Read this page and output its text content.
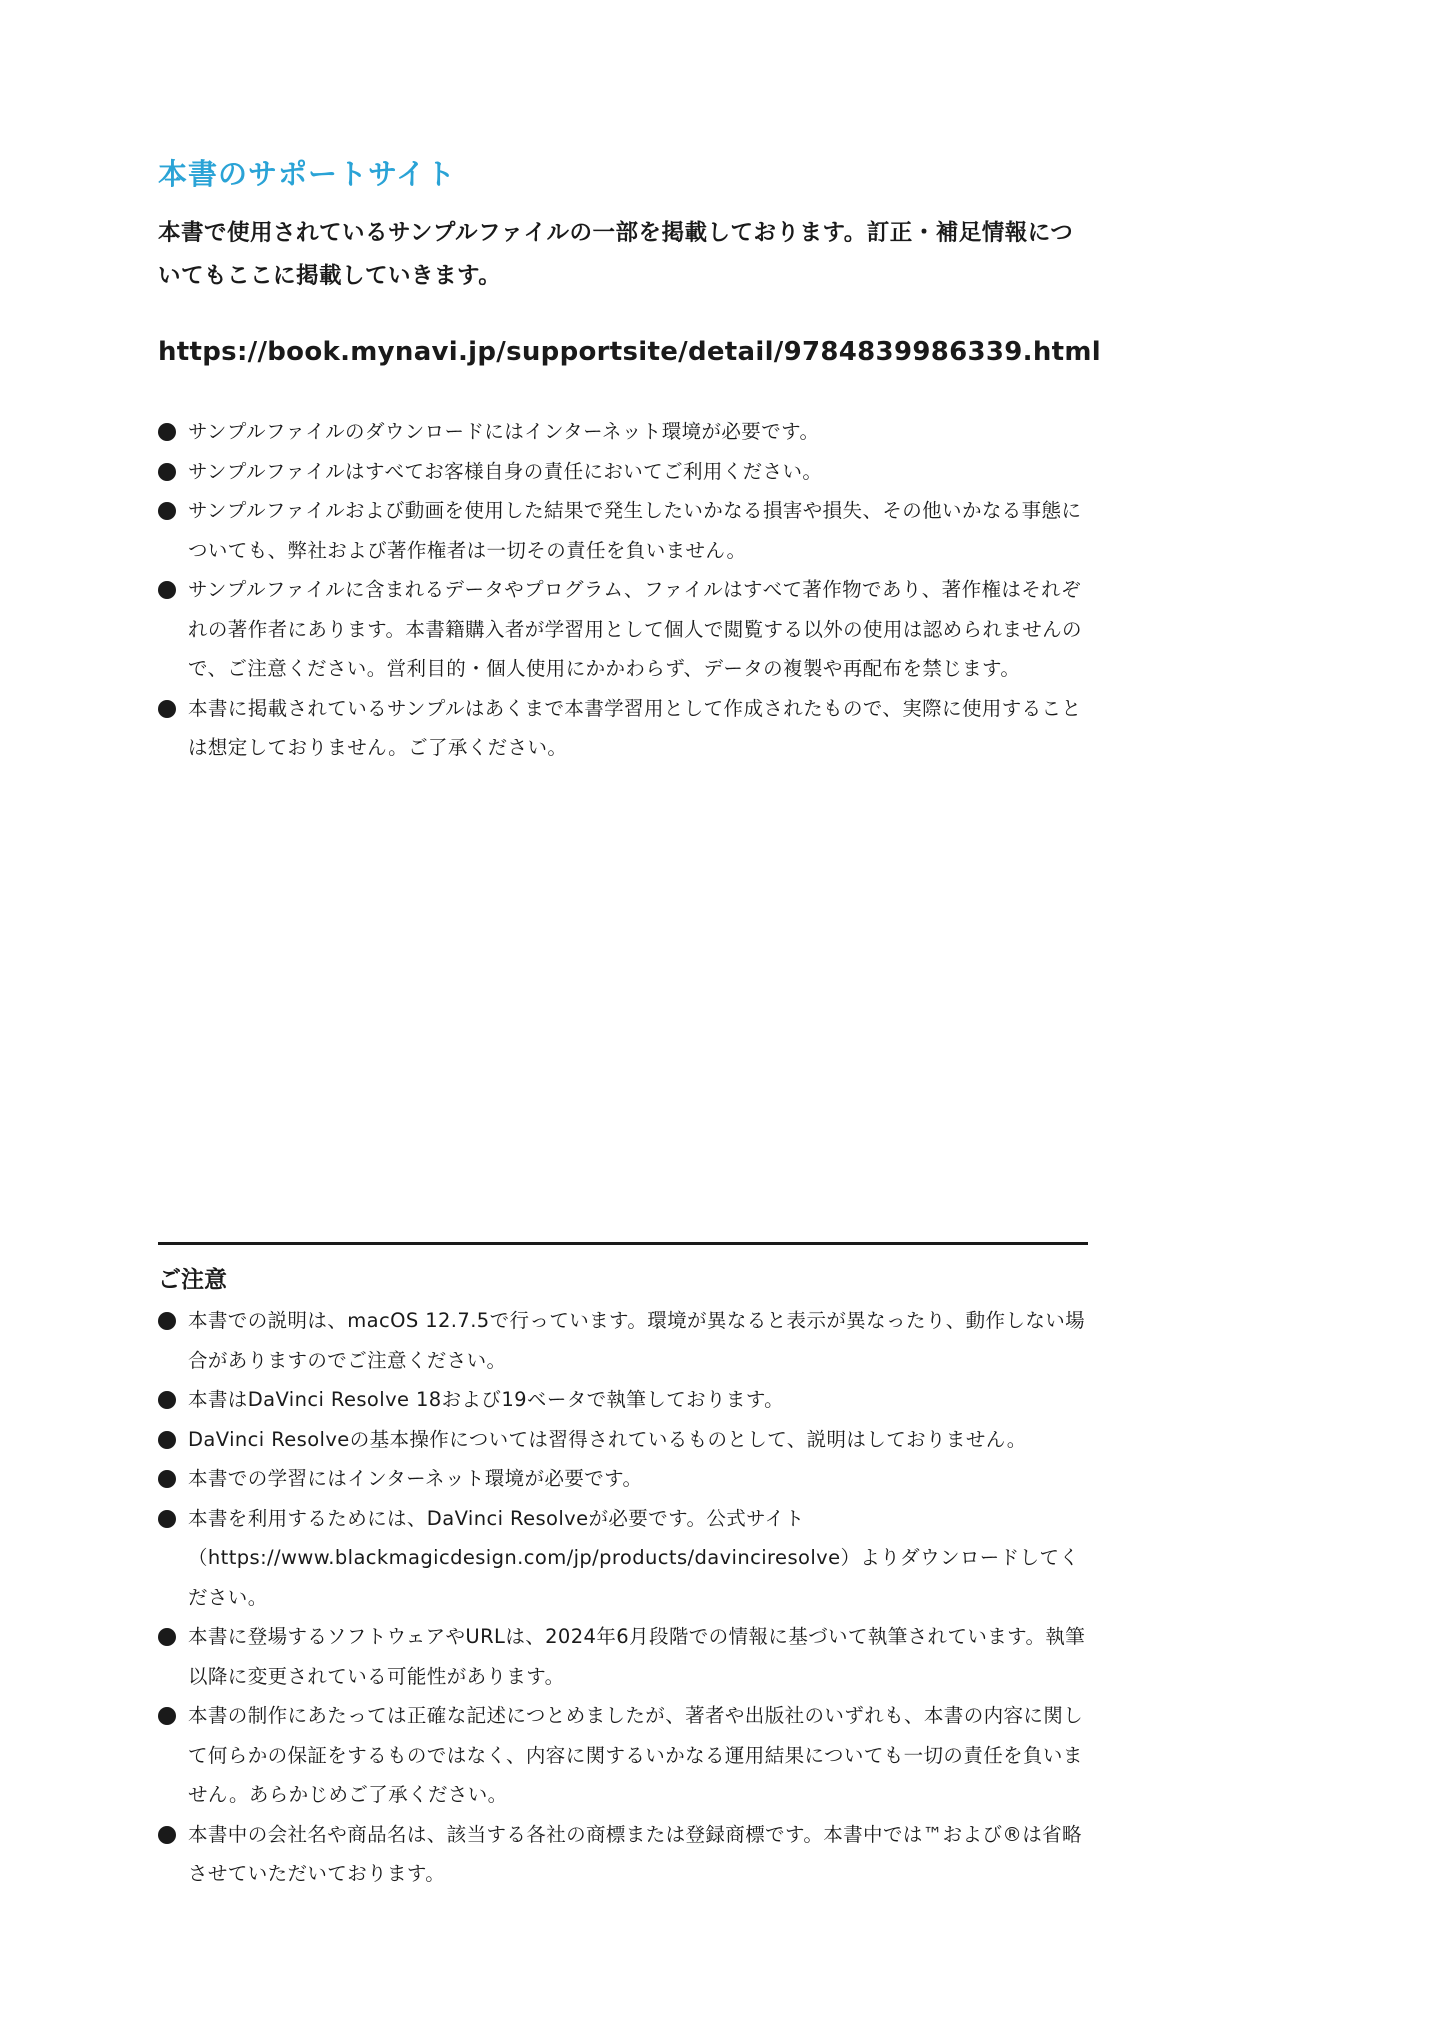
本書のサポートサイト

本書で使用されているサンプルファイルの一部を掲載しております。訂正・補足情報についてもここに掲載していきます。

https://book.mynavi.jp/supportsite/detail/9784839986339.html

サンプルファイルのダウンロードにはインターネット環境が必要です。
サンプルファイルはすべてお客様自身の責任においてご利用ください。
サンプルファイルおよび動画を使用した結果で発生したいかなる損害や損失、その他いかなる事態についても、弊社および著作権者は一切その責任を負いません。
サンプルファイルに含まれるデータやプログラム、ファイルはすべて著作物であり、著作権はそれぞれの著作者にあります。本書籍購入者が学習用として個人で閲覧する以外の使用は認められませんので、ご注意ください。営利目的・個人使用にかかわらず、データの複製や再配布を禁じます。
本書に掲載されているサンプルはあくまで本書学習用として作成されたもので、実際に使用することは想定しておりません。ご了承ください。
ご注意
本書での説明は、macOS 12.7.5で行っています。環境が異なると表示が異なったり、動作しない場合がありますのでご注意ください。
本書はDaVinci Resolve 18および19ベータで執筆しております。
DaVinci Resolveの基本操作については習得されているものとして、説明はしておりません。
本書での学習にはインターネット環境が必要です。
本書を利用するためには、DaVinci Resolveが必要です。公式サイト（https://www.blackmagicdesign.com/jp/products/davinciresolve）よりダウンロードしてください。
本書に登場するソフトウェアやURLは、2024年6月段階での情報に基づいて執筆されています。執筆以降に変更されている可能性があります。
本書の制作にあたっては正確な記述につとめましたが、著者や出版社のいずれも、本書の内容に関して何らかの保証をするものではなく、内容に関するいかなる運用結果についても一切の責任を負いません。あらかじめご了承ください。
本書中の会社名や商品名は、該当する各社の商標または登録商標です。本書中では™および®は省略させていただいております。
